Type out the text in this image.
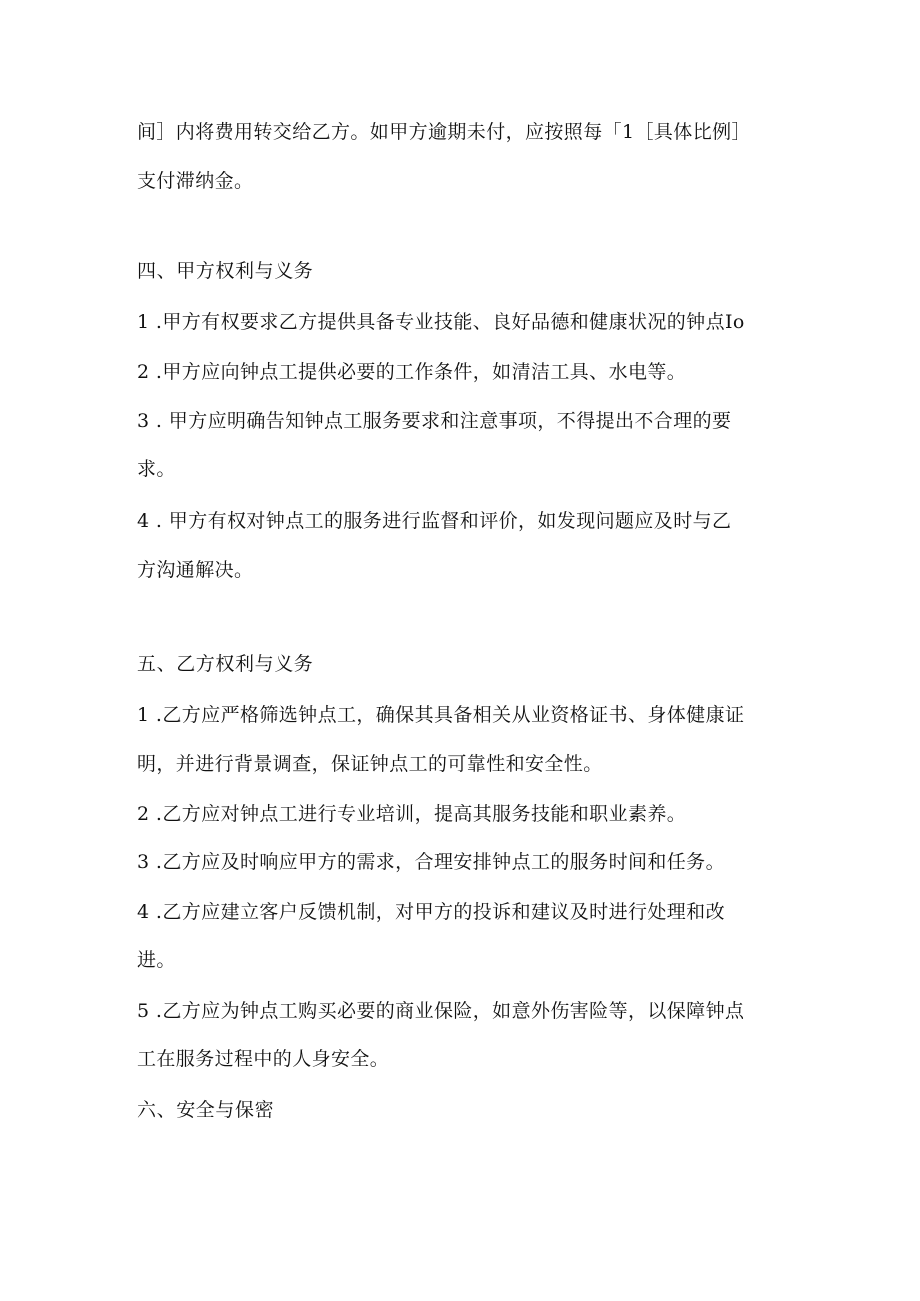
间］内将费用转交给乙方。如甲方逾期未付，应按照每「1［具体比例］
支付滞纳金。
四、甲方权利与义务
1 .甲方有权要求乙方提供具备专业技能、良好品德和健康状况的钟点Io
2 .甲方应向钟点工提供必要的工作条件，如清洁工具、水电等。
3 . 甲方应明确告知钟点工服务要求和注意事项，不得提出不合理的要
求。
4 . 甲方有权对钟点工的服务进行监督和评价，如发现问题应及时与乙
方沟通解决。
五、乙方权利与义务
1 .乙方应严格筛选钟点工，确保其具备相关从业资格证书、身体健康证
明，并进行背景调查，保证钟点工的可靠性和安全性。
2 .乙方应对钟点工进行专业培训，提高其服务技能和职业素养。
3 .乙方应及时响应甲方的需求，合理安排钟点工的服务时间和任务。
4 .乙方应建立客户反馈机制，对甲方的投诉和建议及时进行处理和改
进。
5 .乙方应为钟点工购买必要的商业保险，如意外伤害险等，以保障钟点
工在服务过程中的人身安全。
六、安全与保密
